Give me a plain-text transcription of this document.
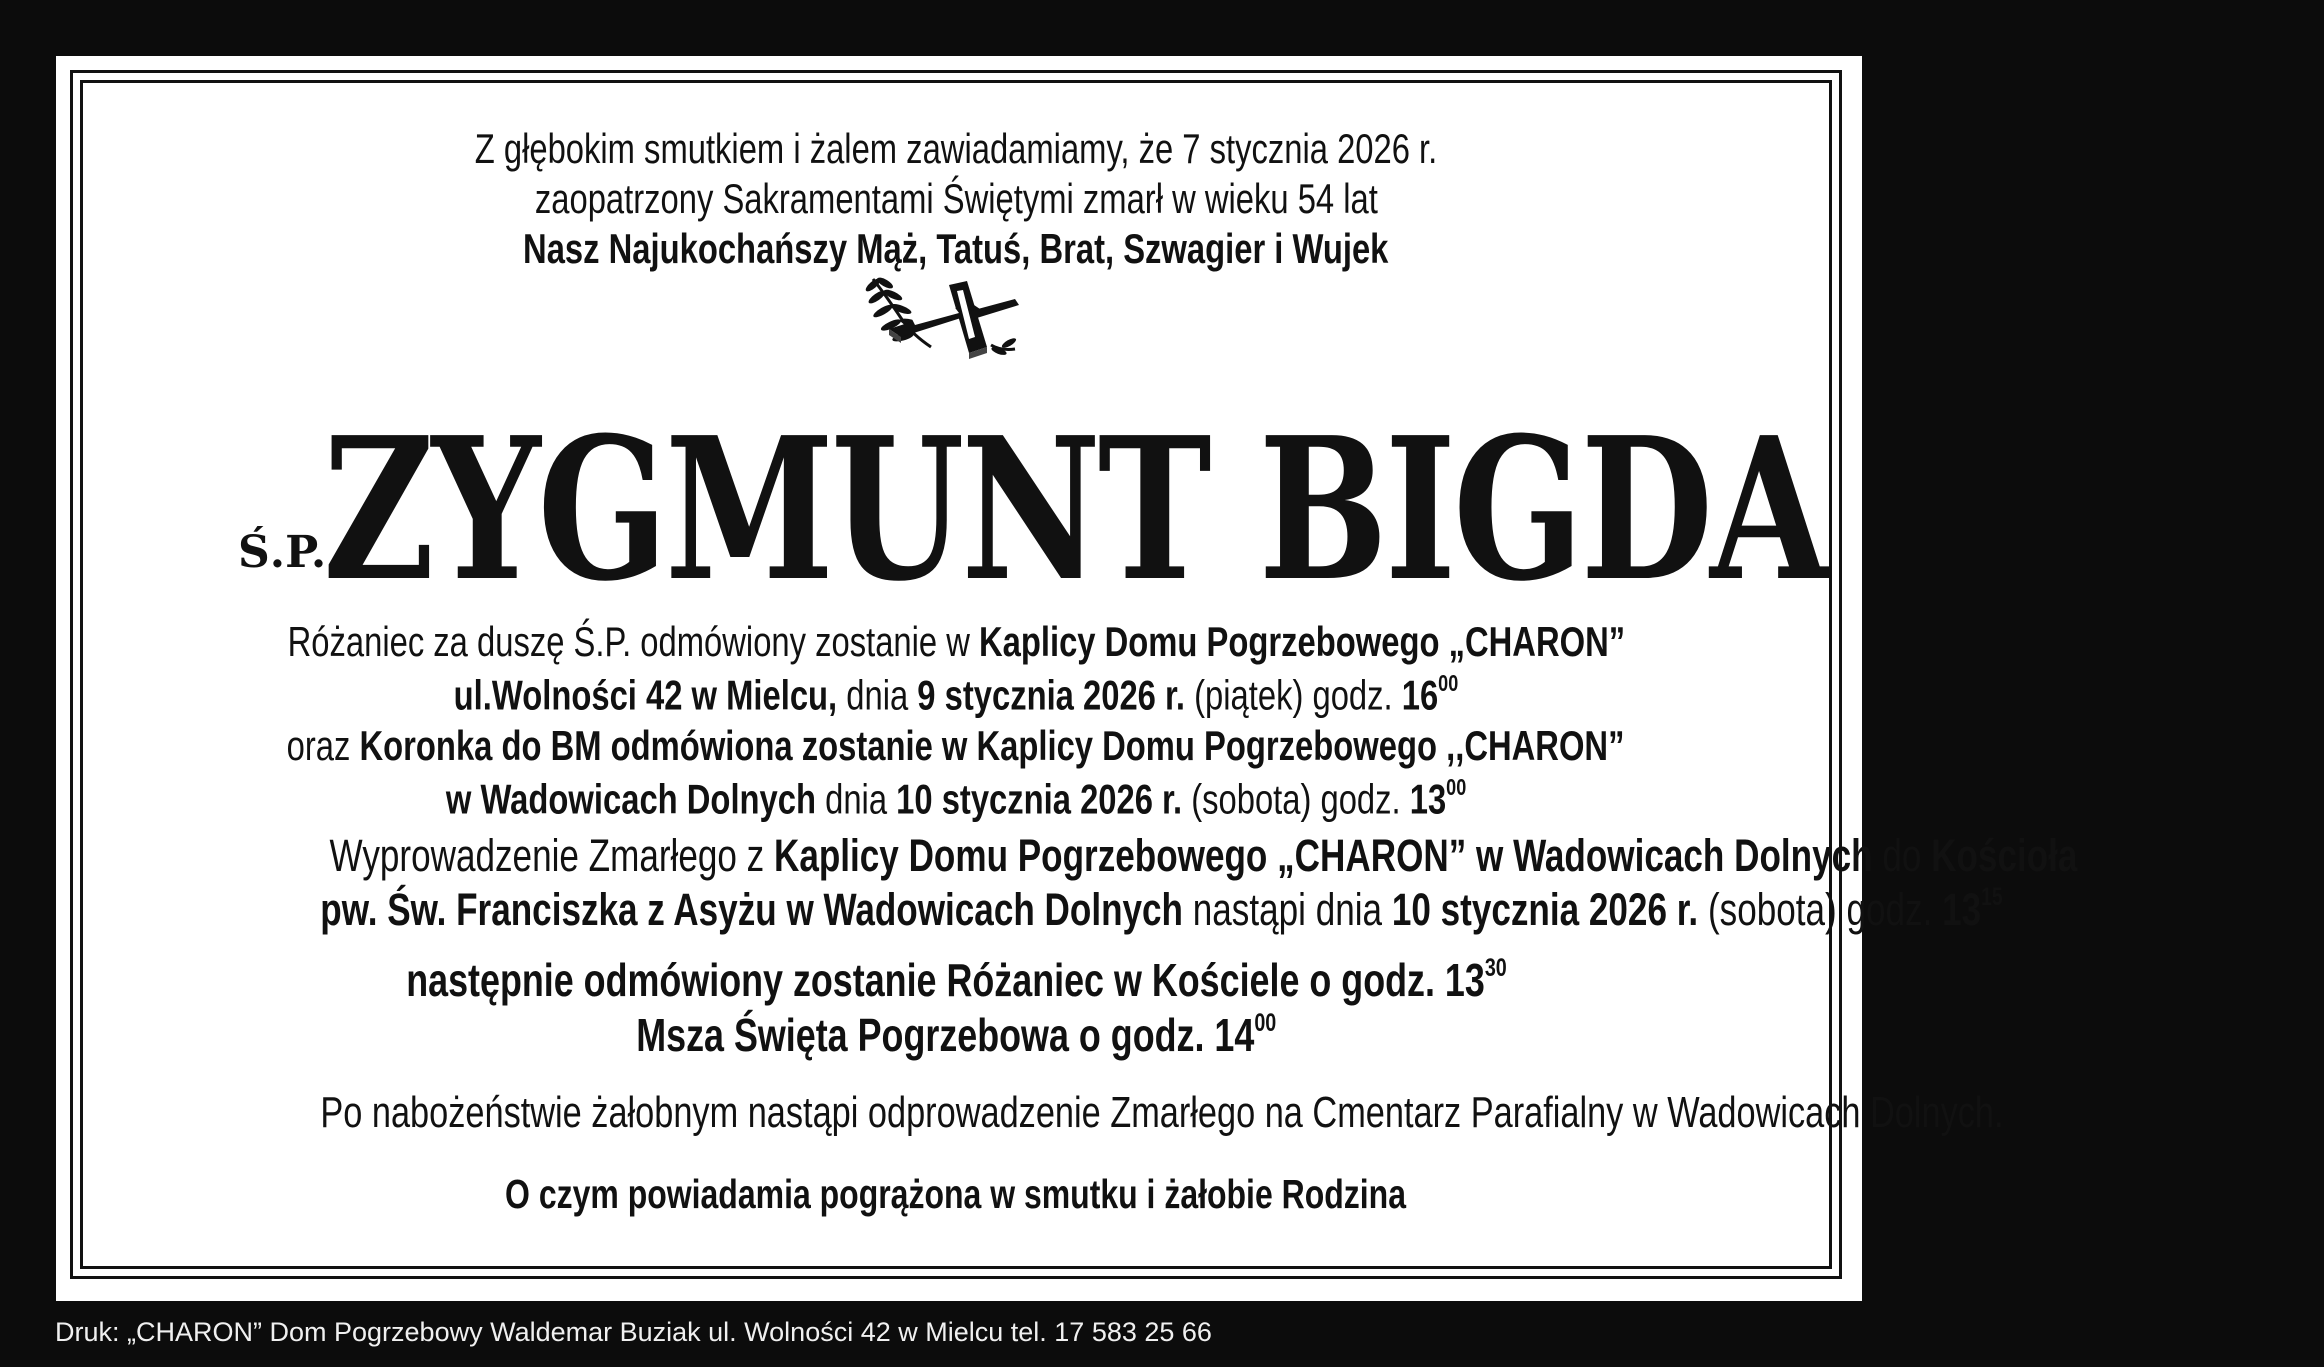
Z głębokim smutkiem i żalem zawiadamiamy, że 7 stycznia 2026 r.
zaopatrzony Sakramentami Świętymi zmarł w wieku 54 lat
Nasz Najukochańszy Mąż, Tatuś, Brat, Szwagier i Wujek
Ś.P.
ZYGMUNT BIGDA
Różaniec za duszę Ś.P. odmówiony zostanie w Kaplicy Domu Pogrzebowego „CHARON”
ul.Wolności 42 w Mielcu, dnia 9 stycznia 2026 r. (piątek) godz. $16^{00}$
oraz Koronka do BM odmówiona zostanie w Kaplicy Domu Pogrzebowego ,,CHARON”
w Wadowicach Dolnych dnia 10 stycznia 2026 r. (sobota) godz. $13^{00}$
Wyprowadzenie Zmarłego z Kaplicy Domu Pogrzebowego „CHARON” w Wadowicach Dolnych do Kościoła
pw. Św. Franciszka z Asyżu w Wadowicach Dolnych nastąpi dnia 10 stycznia 2026 r. (sobota) godz. $13^{15}$
następnie odmówiony zostanie Różaniec w Kościele o godz. $13^{30}$
Msza Święta Pogrzebowa o godz. $14^{00}$
Po nabożeństwie żałobnym nastąpi odprowadzenie Zmarłego na Cmentarz Parafialny w Wadowicach Dolnych.
O czym powiadamia pogrążona w smutku i żałobie Rodzina
Druk: „CHARON” Dom Pogrzebowy Waldemar Buziak ul. Wolności 42 w Mielcu tel. 17 583 25 66
